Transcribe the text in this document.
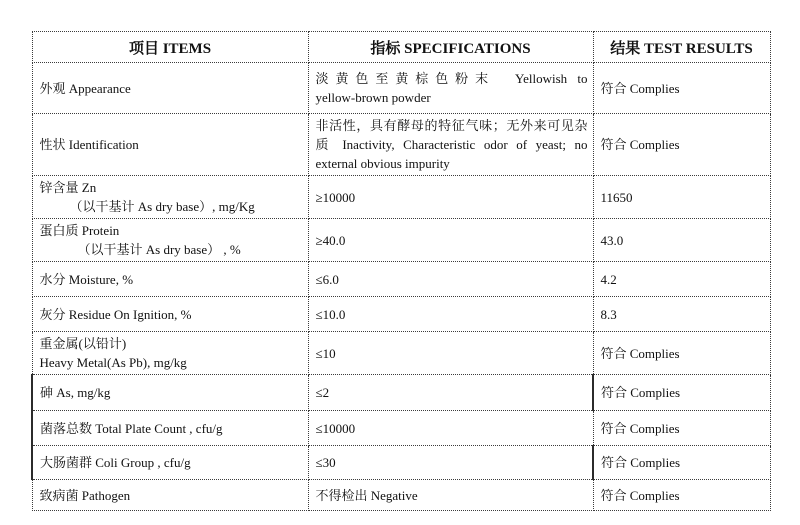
项目 ITEMS	指标 SPECIFICATIONS	结果 TEST RESULTS

外观 Appearance	淡黄色至黄棕色粉末　Yellowish to
yellow-brown powder	符合 Complies

性状 Identification	非活性，具有酵母的特征气味；无外来可见杂
质 Inactivity, Characteristic odor of yeast; no
external obvious impurity	符合 Complies

锌含量 Zn
（以干基计 As dry base）, mg/Kg	≥10000	11650

蛋白质 Protein
（以干基计 As dry base） , %	≥40.0	43.0

水分 Moisture, %	≤6.0	4.2

灰分 Residue On Ignition, %	≤10.0	8.3

重金属(以铅计)
Heavy Metal(As Pb), mg/kg	≤10	符合 Complies

砷 As, mg/kg	≤2	符合 Complies

菌落总数 Total Plate Count , cfu/g	≤10000	符合 Complies

大肠菌群 Coli Group , cfu/g	≤30	符合 Complies

致病菌 Pathogen	不得检出 Negative	符合 Complies
